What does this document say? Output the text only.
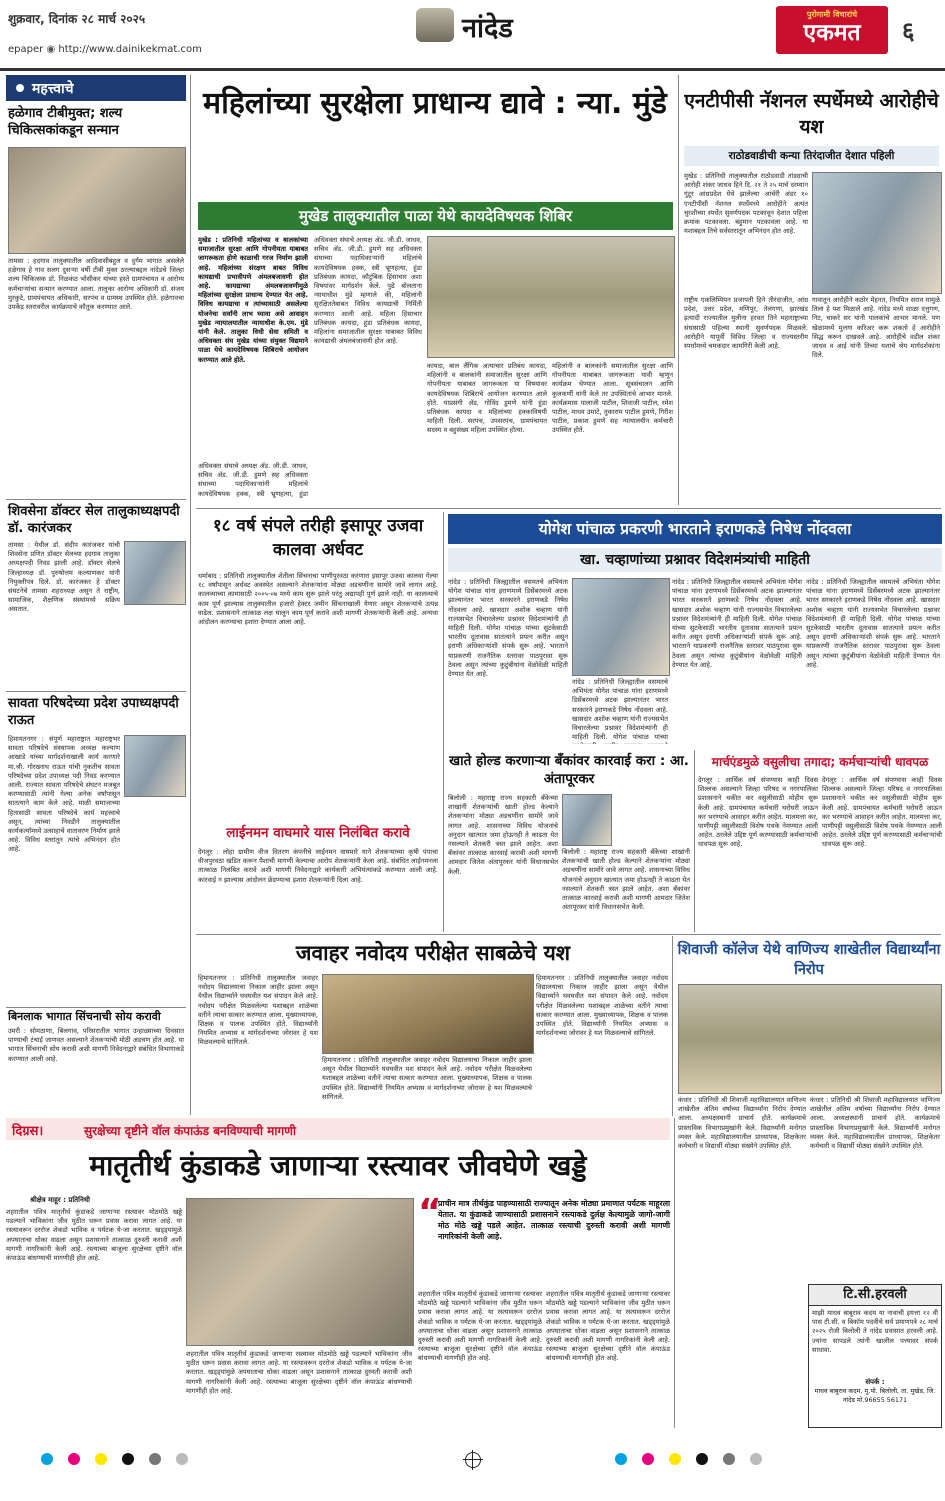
शुक्रवार, दिनांक २८ मार्च २०२५
epaper ◉ http://www.dainikekmat.com
नांदेड	पुरोगामी विचारांचे
एकमत	६
महत्त्वाचे
हळेगाव टीबीमुक्त; शल्य चिकित्सकांकडून सन्मान
तामसा : हदगाव तालुक्यातील आदिवासीबहुल व दुर्गम भागात असलेले हळेगाव हे गाव सलग दुसऱ्या वर्षी टीबी मुक्त ठरल्याबद्दल नांदेडचे जिल्हा शल्य चिकित्सक डॉ. निळकंठ भोसीकर यांच्या हस्ते ग्रामपंचायत व आरोग्य कर्मचाऱ्यांचा सन्मान करण्यात आला. तालुका आरोग्य अधिकारी डॉ. संजय मुरकुटे, ग्रामपंचायत अधिकारी, सरपंच व ग्रामस्थ उपस्थित होते. हळेगावचा उपकेंद्र स्तरावरील कार्यक्रमाचे कौतुक करण्यात आले.
शिवसेना डॉक्टर सेल तालुकाध्यक्षपदी डॉ. कारंजकर
तामसा : येथील डॉ. संदीप कारंजकर यांची शिवसेना प्रणित डॉक्टर सेलच्या हदगाव तालुका अध्यक्षपदी निवड झाली आहे. डॉक्टर सेलचे जिल्हाध्यक्ष डॉ. पुरुषोत्तम कल्याणकर यांनी नियुक्तीपत्र दिले. डॉ. कारंजकर हे डॉक्टर संघटनेचे तामसा शहराध्यक्ष असून ते राष्ट्रीय, सामाजिक, शैक्षणिक संस्थांमध्ये सक्रिय असतात.
सावता परिषदेच्या प्रदेश उपाध्यक्षपदी राऊत
हिमायतनगर : संपूर्ण महाराष्ट्रात महाराष्ट्रभर सावता परिषदेचे संस्थापक अध्यक्ष कल्याण आखाडे यांच्या मार्गदर्शनाखाली कार्य करणारे मा.श्री. गोरख्नाथ राऊत यांची नुकतीच सावता परिषदेच्या प्रदेश उपाध्यक्ष पदी निवड करण्यात आली. राज्यात सावता परिषदेचे संघटन मजबूत करण्यासाठी त्यांनी गेल्या अनेक वर्षांपासून सातत्याने काम केले आहे. माळी समाजाच्या हितासाठी सावता परिषदेचे कार्य महत्त्वाचे असून, त्यांच्या निवडीने तालुक्यातील कार्यकर्त्यांमध्ये उत्साहाचे वातावरण निर्माण झाले आहे. विविध स्तरांतून त्यांचे अभिनंदन होत आहे.
बिनलाक भागात सिंचनाची सोय करावी
उमरी : सोमठाणा, बिलगाव, परिसरातील भागात उन्हाळ्याच्या दिवसात पाण्याची टंचाई जाणवत असल्याने शेतकऱ्यांची मोठी अडचण होत आहे. या भागात सिंचनाची सोय करावी अशी मागणी निवेदनाद्वारे संबंधित विभागाकडे करण्यात आली आहे.
महिलांच्या सुरक्षेला प्राधान्य द्यावे : न्या. मुंडे
मुखेड तालुक्यातील पाळा येथे कायदेविषयक शिबिर
मुखेड : प्रतिनिधी महिलांच्या व बालकांच्या समाजातील सुरक्षा आणि गोपनीयता याबाबत जागरूकता होणे काळाची गरज निर्माण झाली आहे. महिलांच्या संरक्षण बाबत विविध कायद्याची प्रभावीपणे अंमलबजावणी होत आहे. कायद्याच्या अंमलबजावणीमुळे महिलांच्या सुरक्षेला प्राधान्य देण्यात येत आहे. विविध कायद्याचा व त्यांच्यासाठी असलेल्या योजनेचा सर्वांनी लाभ घ्यावा असे आवाहन मुखेड न्यायालयातील न्यायाधीश के.एम. मुंडे यांनी केले. तालुका विधी सेवा समिती व अधिवक्ता संघ मुखेड यांच्या संयुक्त विद्यमाने पाळा येथे कायदेविषयक शिबिराचे आयोजन करण्यात आले होते.
अधिवक्ता संघाचे अध्यक्ष ॲड. जी.डी. जाधव, सचिव ॲड. जी.डी. डुमणे सह अधिवक्ता संघाच्या पदाधिकाऱ्यांनी महिलांचे कायदेविषयक हक्क, स्त्री भ्रूणहत्या, हुंडा प्रतिबंधक कायदा, कौटुंबिक हिंसाचार अशा विषयांवर मार्गदर्शन केले. पुढे बोलताना न्यायाधीश मुंडे म्हणाले की, महिलांनी सुरक्षिततेबाबत विविध कायद्याची निर्मिती करण्यात आली आहे. महिला हिंसाचार प्रतिबंधक कायदा, हुंडा प्रतिबंधक कायदा, महिलांना समाजातील सुरक्षा याबाबत विविध कायद्याची अंमलबजावणी होत आहे.
अधिवक्ता संघाचे अध्यक्ष ॲड. जी.डी. जाधव, सचिव ॲड. जी.डी. डुमणे सह अधिवक्ता संघाच्या पदाधिकाऱ्यांनी महिलांचे कायदेविषयक हक्क, स्त्री भ्रूणहत्या, हुंडा
कायदा, बाल लैंगिक अत्याचार प्रतिबंध कायदा, महिलांनी व बालकांनी समाजातील सुरक्षा आणि गोपनीयता याबाबत जागरूकता या विषयावर कायदेविषयक शिबिराचे आयोजन करण्यात आले होते. याप्रसंगी ॲड. गोविंद डुमणे यांनी हुंडा प्रतिबंधक कायदा व महिलांच्या हक्काविषयी माहिती दिली. सरपंच, उपसरपंच, ग्रामपंचायत सदस्य व बहुसंख्य महिला उपस्थित होत्या.
महिलांनी व बालकांनी समाजातील सुरक्षा आणि गोपनीयता याबाबत जागरूकता यावी म्हणून कार्यक्रम घेण्यात आला. सूत्रसंचालन आणि कुलकर्णी यांनी केले तर उपस्थितांचे आभार मानले. कार्यक्रमास पालाजी पाटील, शिवाजी पाटील, रमेश पाटील, माधव उमाटे, तुकाराम पाटील डुमणे, गिरीश पाटील, प्रकाश डुमणे सह न्यायालयीन कर्मचारी उपस्थित होते.
एनटीपीसी नॅशनल स्पर्धेमध्ये आरोहीचे यश
राठोडवाडीची कन्या तिरंदाजीत देशात पहिली
मुखेड : प्रतिनिधी तालुक्यातील राठोडवाडी तांड्याची आरोही शंकर जाधव हिने दि. २१ ते २५ मार्च दरम्यान गुंटूर आंध्रप्रदेश येथे झालेल्या आर्चरी अंडर १० एनटीपीसी नॅशनल स्पर्धेमध्ये आरोहीने अत्यंत चुरशीच्या स्पर्धेत सुवर्णपदक पटकावून देशात पहिला क्रमांक पटकावला. बहुमान पटकावला आहे. या यशाबद्दल तिचे सर्वस्तरातून अभिनंदन होत आहे.
राष्ट्रीय एकलिम्पियन प्रजापती हिने तीरंदाजीत, आंध्र प्रदेश, उत्तर प्रदेश, मणिपूर, तेलंगणा, झारखंड इत्यादी राज्यातील मुलीना हरवत तिने महाराष्ट्राच्या संघासाठी पहिल्या स्थानी सुवर्णपदक मिळवले. आरोहीने यापूर्वी विविध जिल्हा व राज्यस्तरीय स्पर्धांमध्ये चमकदार कामगिरी केली आहे.
गावातून आरोहीने कठोर मेहनत, नियमित सराव यामुळे तिला हे यश मिळाले आहे. नांदेड मध्ये शाळा दत्तुगण, निट, चाकरे सर यांनी पालकांचे आभार मानले. पण खेळामध्ये मुलगा करिअर करू शकतो हे आरोहीने सिद्ध करून दाखवले आहे. आरोहीचे वडील शंकर जाधव व आई यांनी तिच्या यशाचे श्रेय मार्गदर्शकांना दिले.
१८ वर्ष संपले तरीही इसापूर उजवा कालवा अर्धवट
धर्माबाद : प्रतिनिधी तालुक्यातील शेतीला सिंचनाचा पाणीपुरवठा करणारा इसापूर उजवा कालवा गेल्या १८ वर्षांपासून अर्धवट अवस्थेत असल्याने शेतकऱ्यांना मोठ्या अडचणींना सामोरे जावे लागत आहे. कालव्याच्या कामासाठी २००५-०७ मध्ये काम सुरू झाले परंतु अद्यापही पूर्ण झाले नाही. या कालव्याचे काम पूर्ण झाल्यास तालुक्यातील हजारो हेक्टर जमीन सिंचनाखाली येणार असून शेतकऱ्यांचे उत्पन्न वाढेल. प्रशासनाने तात्काळ लक्ष घालून काम पूर्ण करावे अशी मागणी शेतकऱ्यांनी केली आहे. अन्यथा आंदोलन करण्याचा इशारा देण्यात आला आहे.
लाईनमन वाघमारे यास निलंबित करावे
देगलूर : लोहा ग्रामीण वीज वितरण कंपनीचे लाईनमन वाघमारे याने शेतकऱ्याच्या कृषी पंपाचा वीजपुरवठा खंडित करून पैशाची मागणी केल्याचा आरोप शेतकऱ्यांनी केला आहे. संबंधित लाईनमनला तात्काळ निलंबित करावे अशी मागणी निवेदनाद्वारे कार्यकारी अभियंत्यांकडे करण्यात आली आहे. कारवाई न झाल्यास आंदोलन छेडण्याचा इशारा शेतकऱ्यांनी दिला आहे.
योगेश पांचाळ प्रकरणी भारताने इराणकडे निषेध नोंदवला
खा. चव्हाणांच्या प्रश्नावर विदेशमंत्र्यांची माहिती
नांदेड : प्रतिनिधी जिल्ह्यातील वसमतचे अभियंता योगेश पांचाळ यांना इराणमध्ये डिसेंबरमध्ये अटक झाल्यानंतर भारत सरकारने इराणकडे निषेध नोंदवला आहे. खासदार अशोक चव्हाण यांनी राज्यसभेत विचारलेल्या प्रश्नावर विदेशमंत्र्यांनी ही माहिती दिली. योगेश पांचाळ यांच्या सुटकेसाठी भारतीय दूतावास सातत्याने प्रयत्न करीत असून इराणी अधिकाऱ्यांशी संपर्क सुरू आहे. भारताने याप्रकरणी राजनैतिक स्तरावर पाठपुरावा सुरू ठेवला असून त्यांच्या कुटुंबीयांना वेळोवेळी माहिती देण्यात येत आहे.
नांदेड : प्रतिनिधी जिल्ह्यातील वसमतचे अभियंता योगेश पांचाळ यांना इराणमध्ये डिसेंबरमध्ये अटक झाल्यानंतर भारत सरकारने इराणकडे निषेध नोंदवला आहे. खासदार अशोक चव्हाण यांनी राज्यसभेत विचारलेल्या प्रश्नावर विदेशमंत्र्यांनी ही माहिती दिली. योगेश पांचाळ यांच्या
नांदेड : प्रतिनिधी जिल्ह्यातील वसमतचे अभियंता योगेश पांचाळ यांना इराणमध्ये डिसेंबरमध्ये अटक झाल्यानंतर भारत सरकारने इराणकडे निषेध नोंदवला आहे. खासदार अशोक चव्हाण यांनी राज्यसभेत विचारलेल्या प्रश्नावर विदेशमंत्र्यांनी ही माहिती दिली. योगेश पांचाळ यांच्या सुटकेसाठी भारतीय दूतावास सातत्याने प्रयत्न करीत असून इराणी अधिकाऱ्यांशी संपर्क सुरू आहे. भारताने याप्रकरणी राजनैतिक स्तरावर पाठपुरावा सुरू ठेवला असून त्यांच्या कुटुंबीयांना वेळोवेळी माहिती देण्यात येत आहे.
नांदेड : प्रतिनिधी जिल्ह्यातील वसमतचे अभियंता योगेश पांचाळ यांना इराणमध्ये डिसेंबरमध्ये अटक झाल्यानंतर भारत सरकारने इराणकडे निषेध नोंदवला आहे. खासदार अशोक चव्हाण यांनी राज्यसभेत विचारलेल्या प्रश्नावर विदेशमंत्र्यांनी ही माहिती दिली. योगेश पांचाळ यांच्या सुटकेसाठी भारतीय दूतावास सातत्याने प्रयत्न करीत असून इराणी अधिकाऱ्यांशी संपर्क सुरू आहे. भारताने याप्रकरणी राजनैतिक स्तरावर पाठपुरावा सुरू ठेवला असून त्यांच्या कुटुंबीयांना वेळोवेळी माहिती देण्यात येत आहे.
खाते होल्ड करणाऱ्या बँकांवर कारवाई करा : आ. अंतापूरकर
बिलोली : महाराष्ट्र राज्य सहकारी बँकेच्या शाखांनी शेतकऱ्यांची खाती होल्ड केल्याने शेतकऱ्यांना मोठ्या अडचणींना सामोरे जावे लागत आहे. शासनाच्या विविध योजनांचे अनुदान खात्यात जमा होऊनही ते काढता येत नसल्याने शेतकरी त्रस्त झाले आहेत. अशा बँकांवर तात्काळ कारवाई करावी अशी मागणी आमदार जितेश अंतापूरकर यांनी विधानसभेत केली.
बिलोली : महाराष्ट्र राज्य सहकारी बँकेच्या शाखांनी शेतकऱ्यांची खाती होल्ड केल्याने शेतकऱ्यांना मोठ्या अडचणींना सामोरे जावे लागत आहे. शासनाच्या विविध योजनांचे अनुदान खात्यात जमा होऊनही ते काढता येत नसल्याने शेतकरी त्रस्त झाले आहेत. अशा बँकांवर तात्काळ कारवाई करावी अशी मागणी आमदार जितेश अंतापूरकर यांनी विधानसभेत केली.
मार्चएंडमुळे वसुलीचा तगादा; कर्मचाऱ्यांची धावपळ
देगलूर : आर्थिक वर्ष संपण्यास काही दिवस शिल्लक असल्याने जिल्हा परिषद व नगरपालिका प्रशासनाने थकीत कर वसुलीसाठी मोहीम सुरू केली आहे. ग्रामपंचायत कर्मचारी घरोघरी जाऊन कर भरण्याचे आवाहन करीत आहेत. मालमत्ता कर, पाणीपट्टी वसुलीसाठी विशेष पथके नेमण्यात आली आहेत. ठरलेले उद्दिष्ट पूर्ण करण्यासाठी कर्मचाऱ्यांची धावपळ सुरू आहे.
देगलूर : आर्थिक वर्ष संपण्यास काही दिवस शिल्लक असल्याने जिल्हा परिषद व नगरपालिका प्रशासनाने थकीत कर वसुलीसाठी मोहीम सुरू केली आहे. ग्रामपंचायत कर्मचारी घरोघरी जाऊन कर भरण्याचे आवाहन करीत आहेत. मालमत्ता कर, पाणीपट्टी वसुलीसाठी विशेष पथके नेमण्यात आली आहेत. ठरलेले उद्दिष्ट पूर्ण करण्यासाठी कर्मचाऱ्यांची धावपळ सुरू आहे.
जवाहर नवोदय परीक्षेत साबळेचे यश
हिमायतनगर : प्रतिनिधी तालुक्यातील जवाहर नवोदय विद्यालयाचा निकाल जाहीर झाला असून येथील विद्यार्थ्याने घवघवीत यश संपादन केले आहे. नवोदय परीक्षेत मिळवलेल्या यशाबद्दल शाळेच्या वतीने त्याचा सत्कार करण्यात आला. मुख्याध्यापक, शिक्षक व पालक उपस्थित होते. विद्यार्थ्यांनी नियमित अभ्यास व मार्गदर्शनाच्या जोरावर हे यश मिळवल्याचे सांगितले.
हिमायतनगर : प्रतिनिधी तालुक्यातील जवाहर नवोदय विद्यालयाचा निकाल जाहीर झाला असून येथील विद्यार्थ्याने घवघवीत यश संपादन केले आहे. नवोदय परीक्षेत मिळवलेल्या यशाबद्दल शाळेच्या वतीने त्याचा सत्कार करण्यात आला. मुख्याध्यापक, शिक्षक व पालक उपस्थित होते. विद्यार्थ्यांनी नियमित अभ्यास व मार्गदर्शनाच्या जोरावर हे यश मिळवल्याचे सांगितले.
हिमायतनगर : प्रतिनिधी तालुक्यातील जवाहर नवोदय विद्यालयाचा निकाल जाहीर झाला असून येथील विद्यार्थ्याने घवघवीत यश संपादन केले आहे. नवोदय परीक्षेत मिळवलेल्या यशाबद्दल शाळेच्या वतीने त्याचा सत्कार करण्यात आला. मुख्याध्यापक, शिक्षक व पालक उपस्थित होते. विद्यार्थ्यांनी नियमित अभ्यास व मार्गदर्शनाच्या जोरावर हे यश मिळवल्याचे सांगितले.
शिवाजी कॉलेज येथे वाणिज्य शाखेतील विद्यार्थ्यांना निरोप
कंधार : प्रतिनिधी श्री शिवाजी महाविद्यालयात वाणिज्य शाखेतील अंतिम वर्षाच्या विद्यार्थ्यांना निरोप देण्यात आला. अध्यक्षस्थानी प्राचार्य होते. कार्यक्रमाचे प्रास्ताविक विभागप्रमुखांनी केले. विद्यार्थ्यांनी मनोगत व्यक्त केले. महाविद्यालयातील प्राध्यापक, शिक्षकेतर कर्मचारी व विद्यार्थी मोठ्या संख्येने उपस्थित होते.
कंधार : प्रतिनिधी श्री शिवाजी महाविद्यालयात वाणिज्य शाखेतील अंतिम वर्षाच्या विद्यार्थ्यांना निरोप देण्यात आला. अध्यक्षस्थानी प्राचार्य होते. कार्यक्रमाचे प्रास्ताविक विभागप्रमुखांनी केले. विद्यार्थ्यांनी मनोगत व्यक्त केले. महाविद्यालयातील प्राध्यापक, शिक्षकेतर कर्मचारी व विद्यार्थी मोठ्या संख्येने उपस्थित होते.
दिग्रस।	सुरक्षेच्या दृष्टीने वॉल कंपाऊंड बनविण्याची मागणी
मातृतीर्थ कुंडाकडे जाणाऱ्या रस्त्यावर जीवघेणे खड्डे
श्रीक्षेत्र माहूर : प्रतिनिधी
शहरातील पवित्र मातृतीर्थ कुंडाकडे जाणाऱ्या रस्त्यावर मोठमोठे खड्डे पडल्याने भाविकांना जीव मुठीत धरून प्रवास करावा लागत आहे. या रस्त्यावरून दररोज शेकडो भाविक व पर्यटक ये-जा करतात. खड्ड्यांमुळे अपघाताचा धोका वाढला असून प्रशासनाने तात्काळ दुरुस्ती करावी अशी मागणी नागरिकांनी केली आहे. रस्त्याच्या बाजूला सुरक्षेच्या दृष्टीने वॉल कंपाऊंड बांधण्याची मागणीही होत आहे.
शहरातील पवित्र मातृतीर्थ कुंडाकडे जाणाऱ्या रस्त्यावर मोठमोठे खड्डे पडल्याने भाविकांना जीव मुठीत धरून प्रवास करावा लागत आहे. या रस्त्यावरून दररोज शेकडो भाविक व पर्यटक ये-जा करतात. खड्ड्यांमुळे अपघाताचा धोका वाढला असून प्रशासनाने तात्काळ दुरुस्ती करावी अशी मागणी नागरिकांनी केली आहे. रस्त्याच्या बाजूला सुरक्षेच्या दृष्टीने वॉल कंपाऊंड बांधण्याची मागणीही होत आहे.
“
प्राचीन मात्र तीर्थकुंड पाहण्यासाठी राज्यातून अनेक मोठ्या प्रमाणात पर्यटक माहूरला येतात. या कुंडाकडे जाण्यासाठी प्रशासनाने रस्त्याकडे दुर्लक्ष केल्यामुळे जागो-जागी मोठ मोठे खड्डे पडले आहेत. तात्काळ रस्त्याची दुरुस्ती करावी अशी मागणी नागरिकांनी केली आहे.
शहरातील पवित्र मातृतीर्थ कुंडाकडे जाणाऱ्या रस्त्यावर मोठमोठे खड्डे पडल्याने भाविकांना जीव मुठीत धरून प्रवास करावा लागत आहे. या रस्त्यावरून दररोज शेकडो भाविक व पर्यटक ये-जा करतात. खड्ड्यांमुळे अपघाताचा धोका वाढला असून प्रशासनाने तात्काळ दुरुस्ती करावी अशी मागणी नागरिकांनी केली आहे. रस्त्याच्या बाजूला सुरक्षेच्या दृष्टीने वॉल कंपाऊंड बांधण्याची मागणीही होत आहे.
शहरातील पवित्र मातृतीर्थ कुंडाकडे जाणाऱ्या रस्त्यावर मोठमोठे खड्डे पडल्याने भाविकांना जीव मुठीत धरून प्रवास करावा लागत आहे. या रस्त्यावरून दररोज शेकडो भाविक व पर्यटक ये-जा करतात. खड्ड्यांमुळे अपघाताचा धोका वाढला असून प्रशासनाने तात्काळ दुरुस्ती करावी अशी मागणी नागरिकांनी केली आहे. रस्त्याच्या बाजूला सुरक्षेच्या दृष्टीने वॉल कंपाऊंड बांधण्याची मागणीही होत आहे.
टि.सी.हरवली
माझी माधव बाबुराव कदम या नावाची इयत्ता १२ वी पास टी.सी. व बिकॉम पदवीचे सर्व प्रमाणपत्रे २८ मार्च २०२५ रोजी बिलोली ते नांदेड प्रवासात हरवली आहे. ज्यांना सापडले त्यांनी खालील पत्त्यावर संपर्क साधावा.
संपर्क :
माधव बाबुराव कदम, मु.पो. बिलोली, ता. मुखेड, जि. नांदेड मो.96655 56171
